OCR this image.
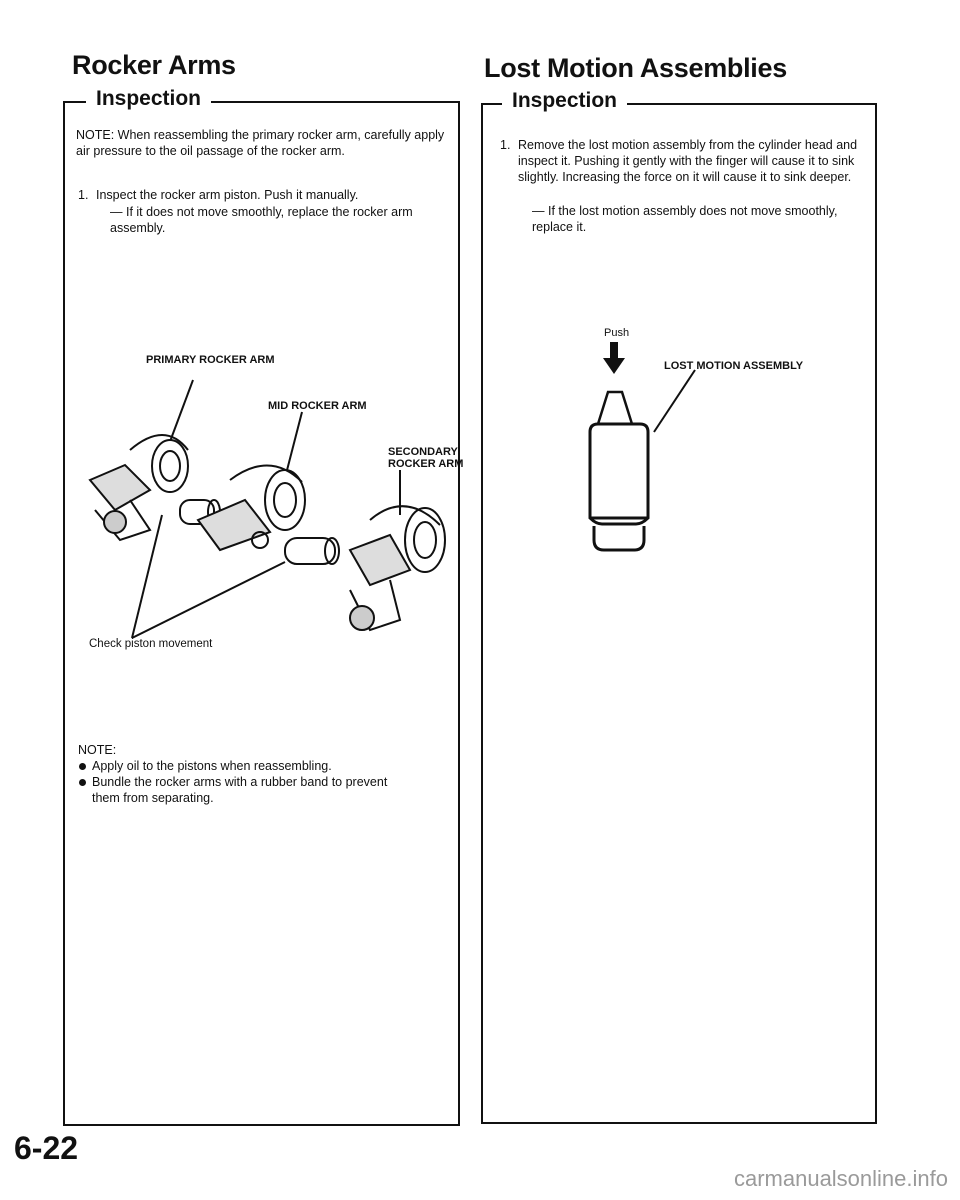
Rocker Arms
Inspection

NOTE: When reassembling the primary rocker arm, carefully apply air pressure to the oil passage of the rocker arm.

1. Inspect the rocker arm piston. Push it manually.

— If it does not move smoothly, replace the rocker arm assembly.

PRIMARY ROCKER ARM

MID ROCKER ARM

SECONDARY

ROCKER ARM

Check piston movement

NOTE:

Apply oil to the pistons when reassembling.
Bundle the rocker arms with a rubber band to prevent them from separating.
Lost Motion Assemblies
Inspection

1. Remove the lost motion assembly from the cylinder head and inspect it. Pushing it gently with the finger will cause it to sink slightly. Increasing the force on it will cause it to sink deeper.

— If the lost motion assembly does not move smoothly, replace it.

Push

LOST MOTION ASSEMBLY

6-22

carmanualsonline.info
